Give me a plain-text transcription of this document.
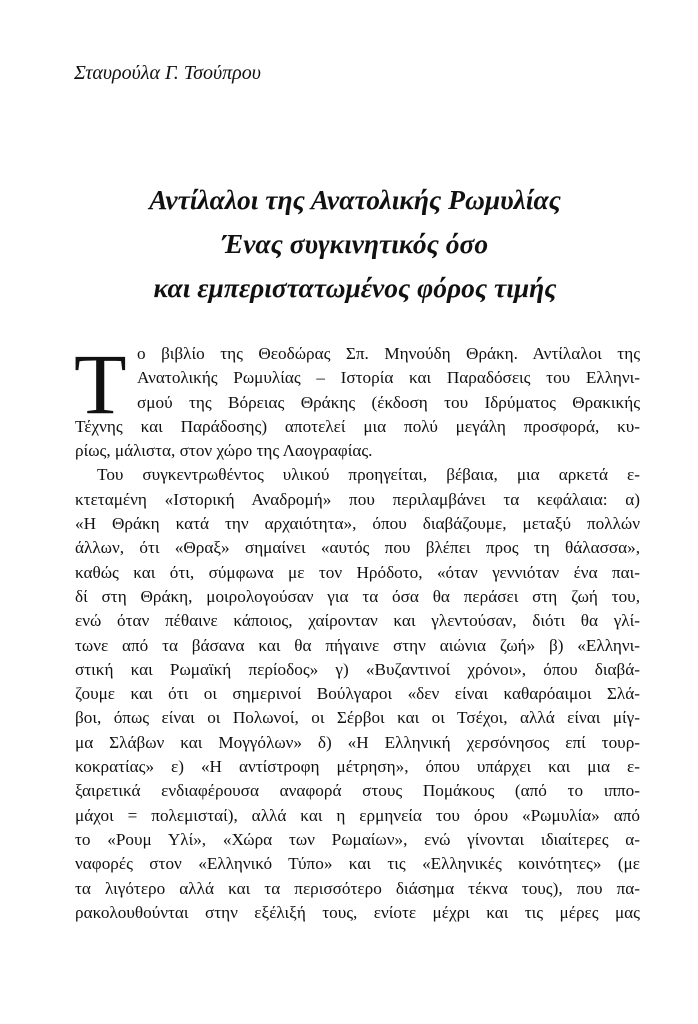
Σταυρούλα Γ. Τσούπρου
Αντίλαλοι της Ανατολικής Ρωμυλίας
Ένας συγκινητικός όσο
και εμπεριστατωμένος φόρος τιμής
Τ ο βιβλίο της Θεοδώρας Σπ. Μηνούδη Θράκη. Αντίλαλοι της
Ανατολικής Ρωμυλίας – Ιστορία και Παραδόσεις του Ελληνι-
σμού της Βόρειας Θράκης (έκδοση του Ιδρύματος Θρακικής
Τέχνης και Παράδοσης) αποτελεί μια πολύ μεγάλη προσφορά, κυ-
ρίως, μάλιστα, στον χώρο της Λαογραφίας.
Του συγκεντρωθέντος υλικού προηγείται, βέβαια, μια αρκετά ε-
κτεταμένη «Ιστορική Αναδρομή» που περιλαμβάνει τα κεφάλαια: α)
«Η Θράκη κατά την αρχαιότητα», όπου διαβάζουμε, μεταξύ πολλών
άλλων, ότι «Θραξ» σημαίνει «αυτός που βλέπει προς τη θάλασσα»,
καθώς και ότι, σύμφωνα με τον Ηρόδοτο, «όταν γεννιόταν ένα παι-
δί στη Θράκη, μοιρολογούσαν για τα όσα θα περάσει στη ζωή του,
ενώ όταν πέθαινε κάποιος, χαίρονταν και γλεντούσαν, διότι θα γλί-
τωνε από τα βάσανα και θα πήγαινε στην αιώνια ζωή» β) «Ελληνι-
στική και Ρωμαϊκή περίοδος» γ) «Βυζαντινοί χρόνοι», όπου διαβά-
ζουμε και ότι οι σημερινοί Βούλγαροι «δεν είναι καθαρόαιμοι Σλά-
βοι, όπως είναι οι Πολωνοί, οι Σέρβοι και οι Τσέχοι, αλλά είναι μίγ-
μα Σλάβων και Μογγόλων» δ) «Η Ελληνική χερσόνησος επί τουρ-
κοκρατίας» ε) «Η αντίστροφη μέτρηση», όπου υπάρχει και μια ε-
ξαιρετικά ενδιαφέρουσα αναφορά στους Πομάκους (από το ιππο-
μάχοι = πολεμισταί), αλλά και η ερμηνεία του όρου «Ρωμυλία» από
το «Ρουμ Υλί», «Χώρα των Ρωμαίων», ενώ γίνονται ιδιαίτερες α-
ναφορές στον «Ελληνικό Τύπο» και τις «Ελληνικές κοινότητες» (με
τα λιγότερο αλλά και τα περισσότερο διάσημα τέκνα τους), που πα-
ρακολουθούνται στην εξέλιξή τους, ενίοτε μέχρι και τις μέρες μας
